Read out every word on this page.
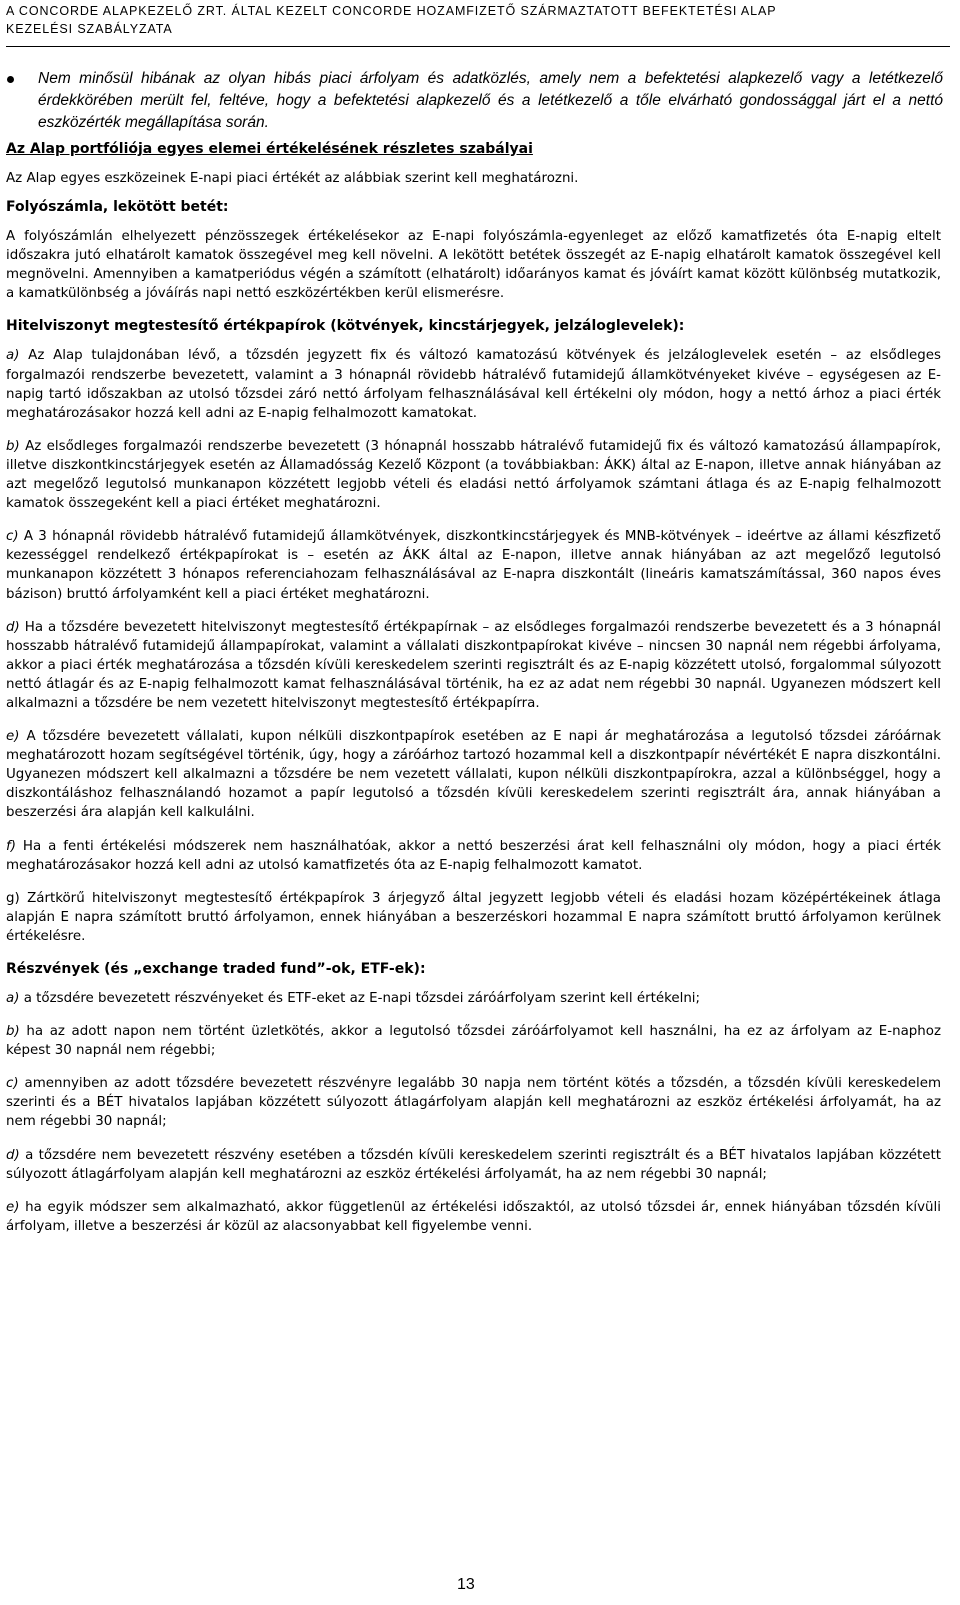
A CONCORDE ALAPKEZELŐ ZRT. ÁLTAL KEZELT CONCORDE HOZAMFIZETŐ SZÁRMAZTATOTT BEFEKTETÉSI ALAP
KEZELÉSI SZABÁLYZATA
Nem minősül hibának az olyan hibás piaci árfolyam és adatközlés, amely nem a befektetési alapkezelő vagy a letétkezelő érdekkörében merült fel, feltéve, hogy a befektetési alapkezelő és a letétkezelő a tőle elvárható gondossággal járt el a nettó eszközérték megállapítása során.
Az Alap portfóliója egyes elemei értékelésének részletes szabályai

Az Alap egyes eszközeinek E-napi piaci értékét az alábbiak szerint kell meghatározni.

Folyószámla, lekötött betét:

A folyószámlán elhelyezett pénzösszegek értékelésekor az E-napi folyószámla-egyenleget az előző kamatfizetés óta E-napig eltelt időszakra jutó elhatárolt kamatok összegével meg kell növelni. A lekötött betétek összegét az E-napig elhatárolt kamatok összegével kell megnövelni. Amennyiben a kamatperiódus végén a számított (elhatárolt) időarányos kamat és jóváírt kamat között különbség mutatkozik, a kamatkülönbség a jóváírás napi nettó eszközértékben kerül elismerésre.

Hitelviszonyt megtestesítő értékpapírok (kötvények, kincstárjegyek, jelzáloglevelek):

a) Az Alap tulajdonában lévő, a tőzsdén jegyzett fix és változó kamatozású kötvények és jelzáloglevelek esetén – az elsődleges forgalmazói rendszerbe bevezetett, valamint a 3 hónapnál rövidebb hátralévő futamidejű államkötvényeket kivéve – egységesen az E-napig tartó időszakban az utolsó tőzsdei záró nettó árfolyam felhasználásával kell értékelni oly módon, hogy a nettó árhoz a piaci érték meghatározásakor hozzá kell adni az E-napig felhalmozott kamatokat.

b) Az elsődleges forgalmazói rendszerbe bevezetett (3 hónapnál hosszabb hátralévő futamidejű fix és változó kamatozású állampapírok, illetve diszkontkincstárjegyek esetén az Államadósság Kezelő Központ (a továbbiakban: ÁKK) által az E-napon, illetve annak hiányában az azt megelőző legutolsó munkanapon közzétett legjobb vételi és eladási nettó árfolyamok számtani átlaga és az E-napig felhalmozott kamatok összegeként kell a piaci értéket meghatározni.

c) A 3 hónapnál rövidebb hátralévő futamidejű államkötvények, diszkontkincstárjegyek és MNB-kötvények – ideértve az állami készfizető kezességgel rendelkező értékpapírokat is – esetén az ÁKK által az E-napon, illetve annak hiányában az azt megelőző legutolsó munkanapon közzétett 3 hónapos referenciahozam felhasználásával az E-napra diszkontált (lineáris kamatszámítással, 360 napos éves bázison) bruttó árfolyamként kell a piaci értéket meghatározni.

d) Ha a tőzsdére bevezetett hitelviszonyt megtestesítő értékpapírnak – az elsődleges forgalmazói rendszerbe bevezetett és a 3 hónapnál hosszabb hátralévő futamidejű állampapírokat, valamint a vállalati diszkontpapírokat kivéve – nincsen 30 napnál nem régebbi árfolyama, akkor a piaci érték meghatározása a tőzsdén kívüli kereskedelem szerinti regisztrált és az E-napig közzétett utolsó, forgalommal súlyozott nettó átlagár és az E-napig felhalmozott kamat felhasználásával történik, ha ez az adat nem régebbi 30 napnál. Ugyanezen módszert kell alkalmazni a tőzsdére be nem vezetett hitelviszonyt megtestesítő értékpapírra.

e) A tőzsdére bevezetett vállalati, kupon nélküli diszkontpapírok esetében az E napi ár meghatározása a legutolsó tőzsdei záróárnak meghatározott hozam segítségével történik, úgy, hogy a záróárhoz tartozó hozammal kell a diszkontpapír névértékét E napra diszkontálni. Ugyanezen módszert kell alkalmazni a tőzsdére be nem vezetett vállalati, kupon nélküli diszkontpapírokra, azzal a különbséggel, hogy a diszkontáláshoz felhasználandó hozamot a papír legutolsó a tőzsdén kívüli kereskedelem szerinti regisztrált ára, annak hiányában a beszerzési ára alapján kell kalkulálni.

f) Ha a fenti értékelési módszerek nem használhatóak, akkor a nettó beszerzési árat kell felhasználni oly módon, hogy a piaci érték meghatározásakor hozzá kell adni az utolsó kamatfizetés óta az E-napig felhalmozott kamatot.

g) Zártkörű hitelviszonyt megtestesítő értékpapírok 3 árjegyző által jegyzett legjobb vételi és eladási hozam középértékeinek átlaga alapján E napra számított bruttó árfolyamon, ennek hiányában a beszerzéskori hozammal E napra számított bruttó árfolyamon kerülnek értékelésre.

Részvények (és „exchange traded fund”-ok, ETF-ek):

a) a tőzsdére bevezetett részvényeket és ETF-eket az E-napi tőzsdei záróárfolyam szerint kell értékelni;

b) ha az adott napon nem történt üzletkötés, akkor a legutolsó tőzsdei záróárfolyamot kell használni, ha ez az árfolyam az E-naphoz képest 30 napnál nem régebbi;

c) amennyiben az adott tőzsdére bevezetett részvényre legalább 30 napja nem történt kötés a tőzsdén, a tőzsdén kívüli kereskedelem szerinti és a BÉT hivatalos lapjában közzétett súlyozott átlagárfolyam alapján kell meghatározni az eszköz értékelési árfolyamát, ha az nem régebbi 30 napnál;

d) a tőzsdére nem bevezetett részvény esetében a tőzsdén kívüli kereskedelem szerinti regisztrált és a BÉT hivatalos lapjában közzétett súlyozott átlagárfolyam alapján kell meghatározni az eszköz értékelési árfolyamát, ha az nem régebbi 30 napnál;

e) ha egyik módszer sem alkalmazható, akkor függetlenül az értékelési időszaktól, az utolsó tőzsdei ár, ennek hiányában tőzsdén kívüli árfolyam, illetve a beszerzési ár közül az alacsonyabbat kell figyelembe venni.

13
